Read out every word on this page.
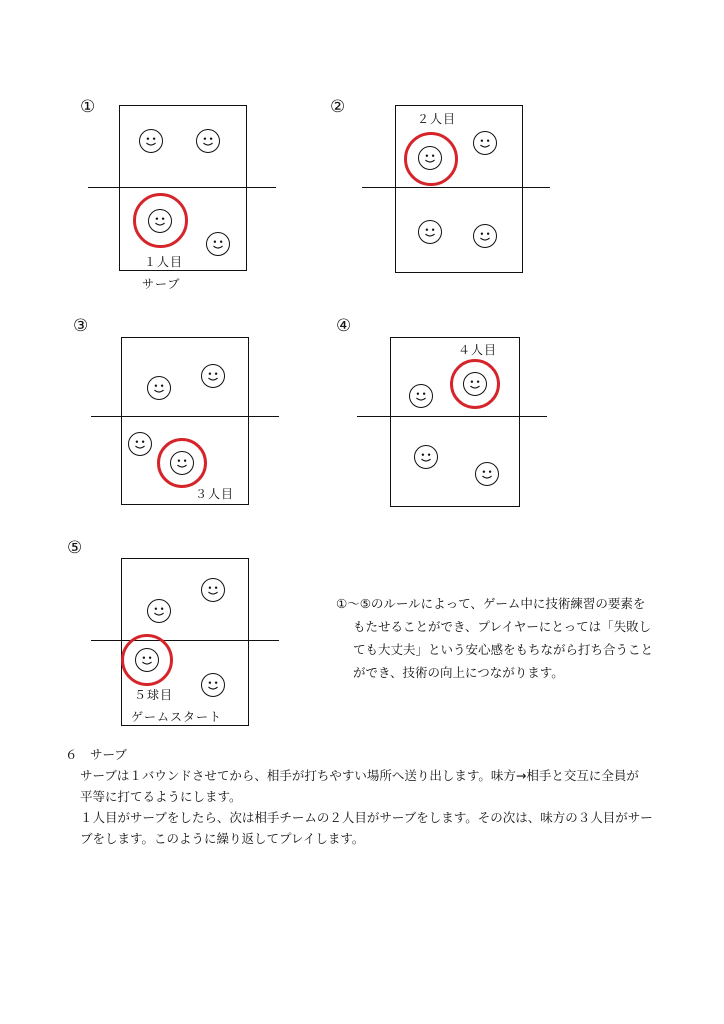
①
１人目
サーブ
②
２人目
③
３人目
④
４人目
⑤
５球目
ゲームスタート
①～⑤のルールによって、ゲーム中に技術練習の要素を
もたせることができ、プレイヤーにとっては「失敗し
ても大丈夫」という安心感をもちながら打ち合うこと
ができ、技術の向上につながります。
６　サーブ
サーブは１バウンドさせてから、相手が打ちやすい場所へ送り出します。味方→相手と交互に全員が
平等に打てるようにします。
１人目がサーブをしたら、次は相手チームの２人目がサーブをします。その次は、味方の３人目がサー
ブをします。このように繰り返してプレイします。
